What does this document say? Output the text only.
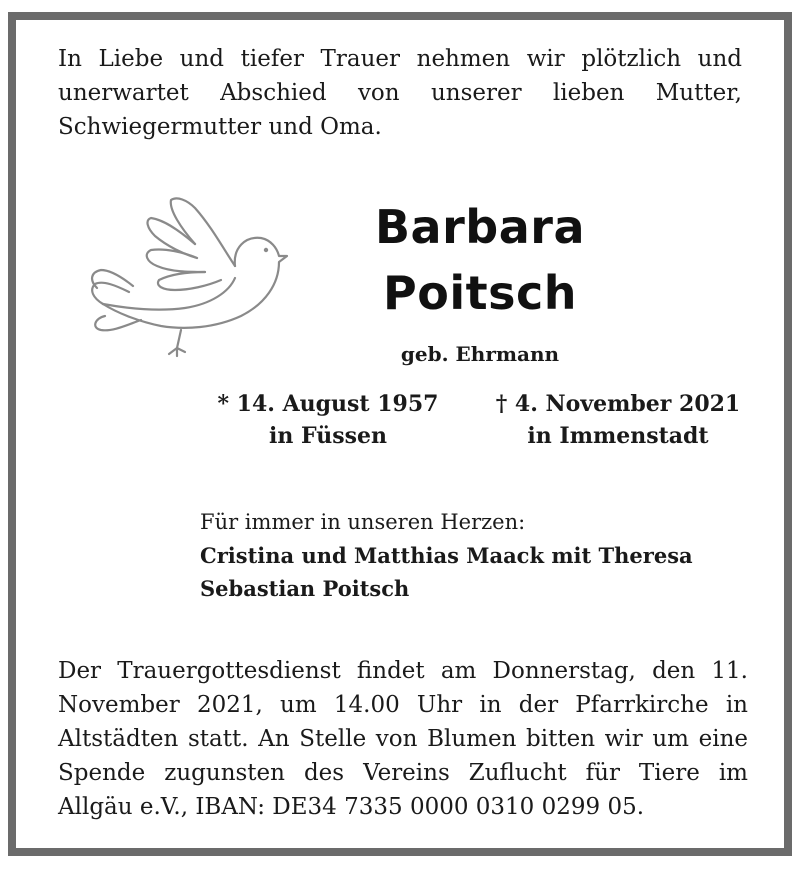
In Liebe und tiefer Trauer nehmen wir plötzlich und unerwartet Abschied von unserer lieben Mutter, Schwiegermutter und Oma.

Barbara
Poitsch
geb. Ehrmann
* 14. August 1957
in Füssen
† 4. November 2021
in Immenstadt
Für immer in unseren Herzen:
Cristina und Matthias Maack mit Theresa
Sebastian Poitsch

Der Trauergottesdienst findet am Donnerstag, den 11. November 2021, um 14.00 Uhr in der Pfarrkirche in Altstädten statt. An Stelle von Blumen bitten wir um eine Spende zugunsten des Vereins Zuflucht für Tiere im Allgäu e.V., IBAN: DE34 7335 0000 0310 0299 05.
